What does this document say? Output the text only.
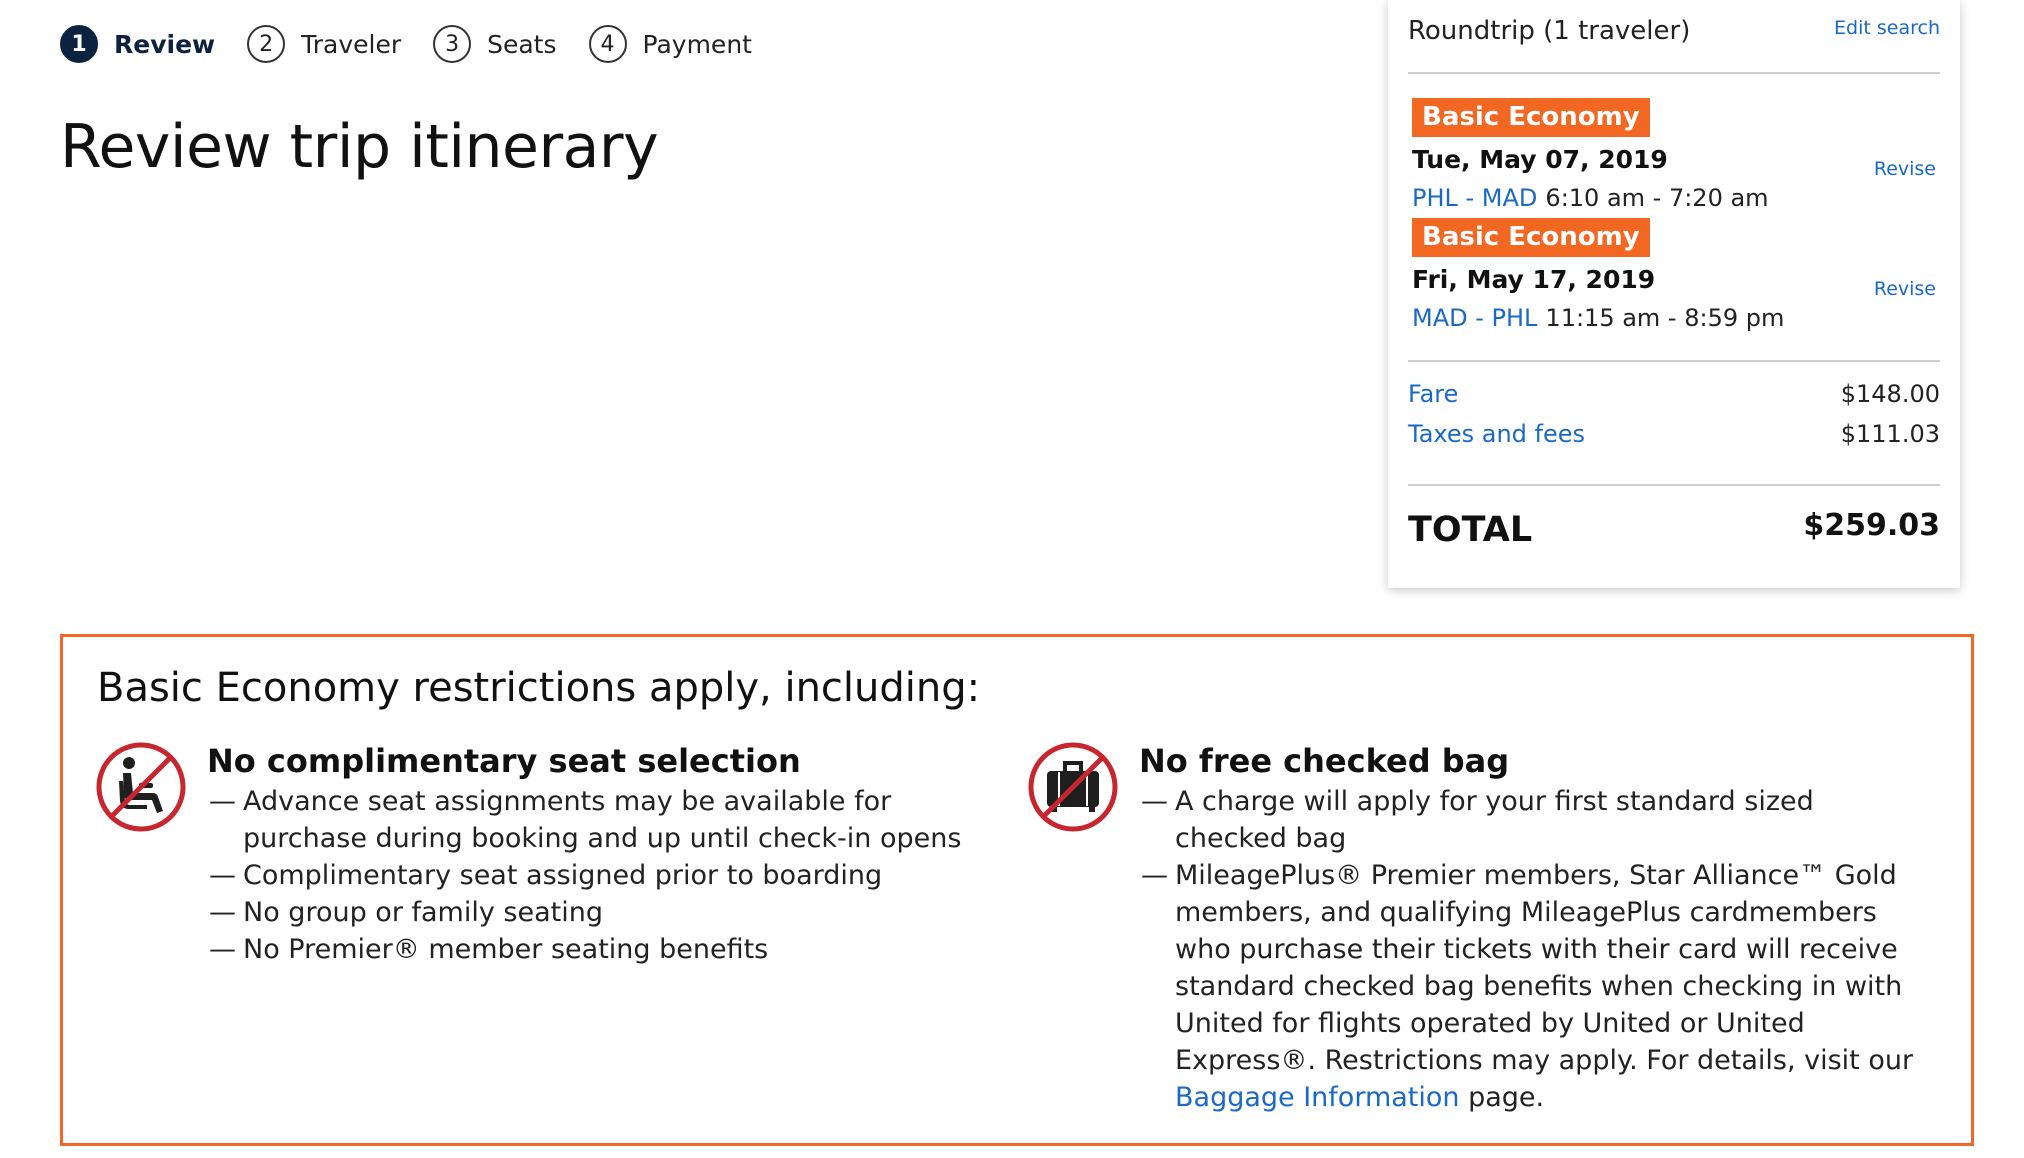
1	Review	2	Traveler	3	Seats	4	Payment
Review trip itinerary
Roundtrip (1 traveler)	Edit search
Basic Economy
Tue, May 07, 2019
PHL - MAD 6:10 am - 7:20 am
Revise
Basic Economy
Fri, May 17, 2019
MAD - PHL 11:15 am - 8:59 pm
Revise
Fare	$148.00
Taxes and fees	$111.03
TOTAL	$259.03
Basic Economy restrictions apply, including:
No complimentary seat selection
— Advance seat assignments may be available for purchase during booking and up until check-in opens
— Complimentary seat assigned prior to boarding
— No group or family seating
— No Premier® member seating benefits
No free checked bag
— A charge will apply for your first standard sized checked bag
— MileagePlus® Premier members, Star Alliance™ Gold members, and qualifying MileagePlus cardmembers who purchase their tickets with their card will receive standard checked bag benefits when checking in with United for flights operated by United or United Express®. Restrictions may apply. For details, visit our Baggage Information page.
